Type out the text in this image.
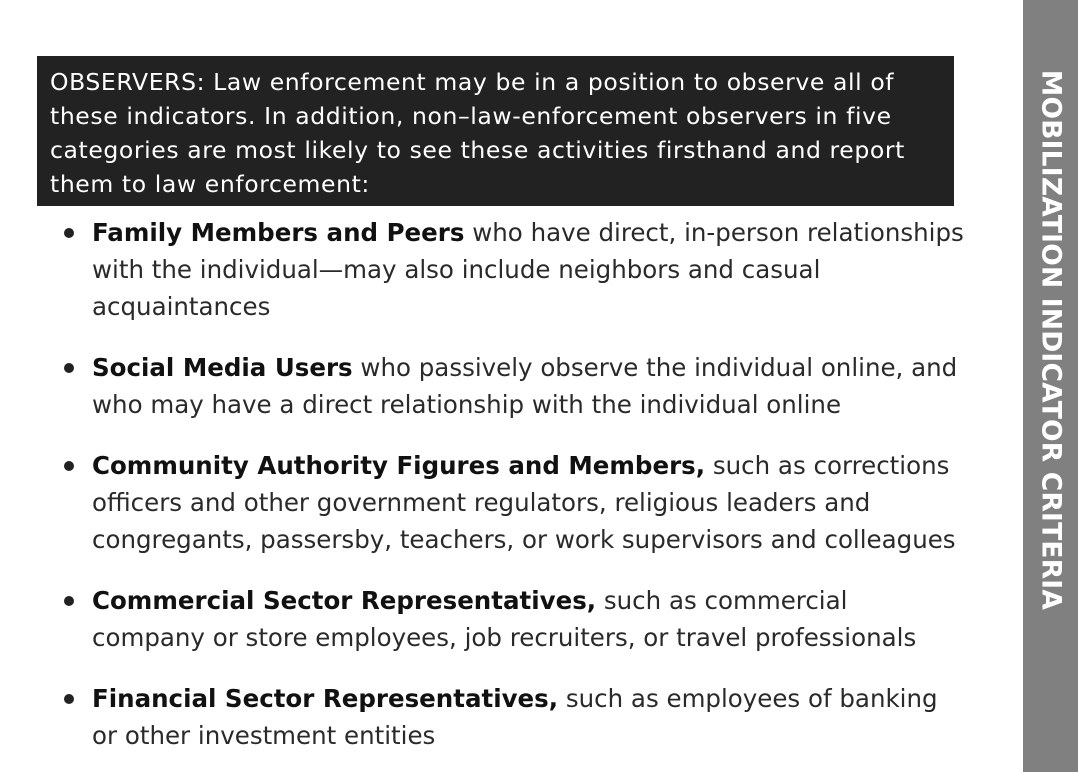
OBSERVERS: Law enforcement may be in a position to observe all of these indicators. In addition, non–law-enforcement observers in five categories are most likely to see these activities firsthand and report them to law enforcement:

Family Members and Peers who have direct, in-person relationships with the individual—may also include neighbors and casual acquaintances
Social Media Users who passively observe the individual online, and who may have a direct relationship with the individual online
Community Authority Figures and Members, such as corrections officers and other government regulators, religious leaders and congregants, passersby, teachers, or work supervisors and colleagues
Commercial Sector Representatives, such as commercial company or store employees, job recruiters, or travel professionals
Financial Sector Representatives, such as employees of banking or other investment entities
MOBILIZATION INDICATOR CRITERIA
